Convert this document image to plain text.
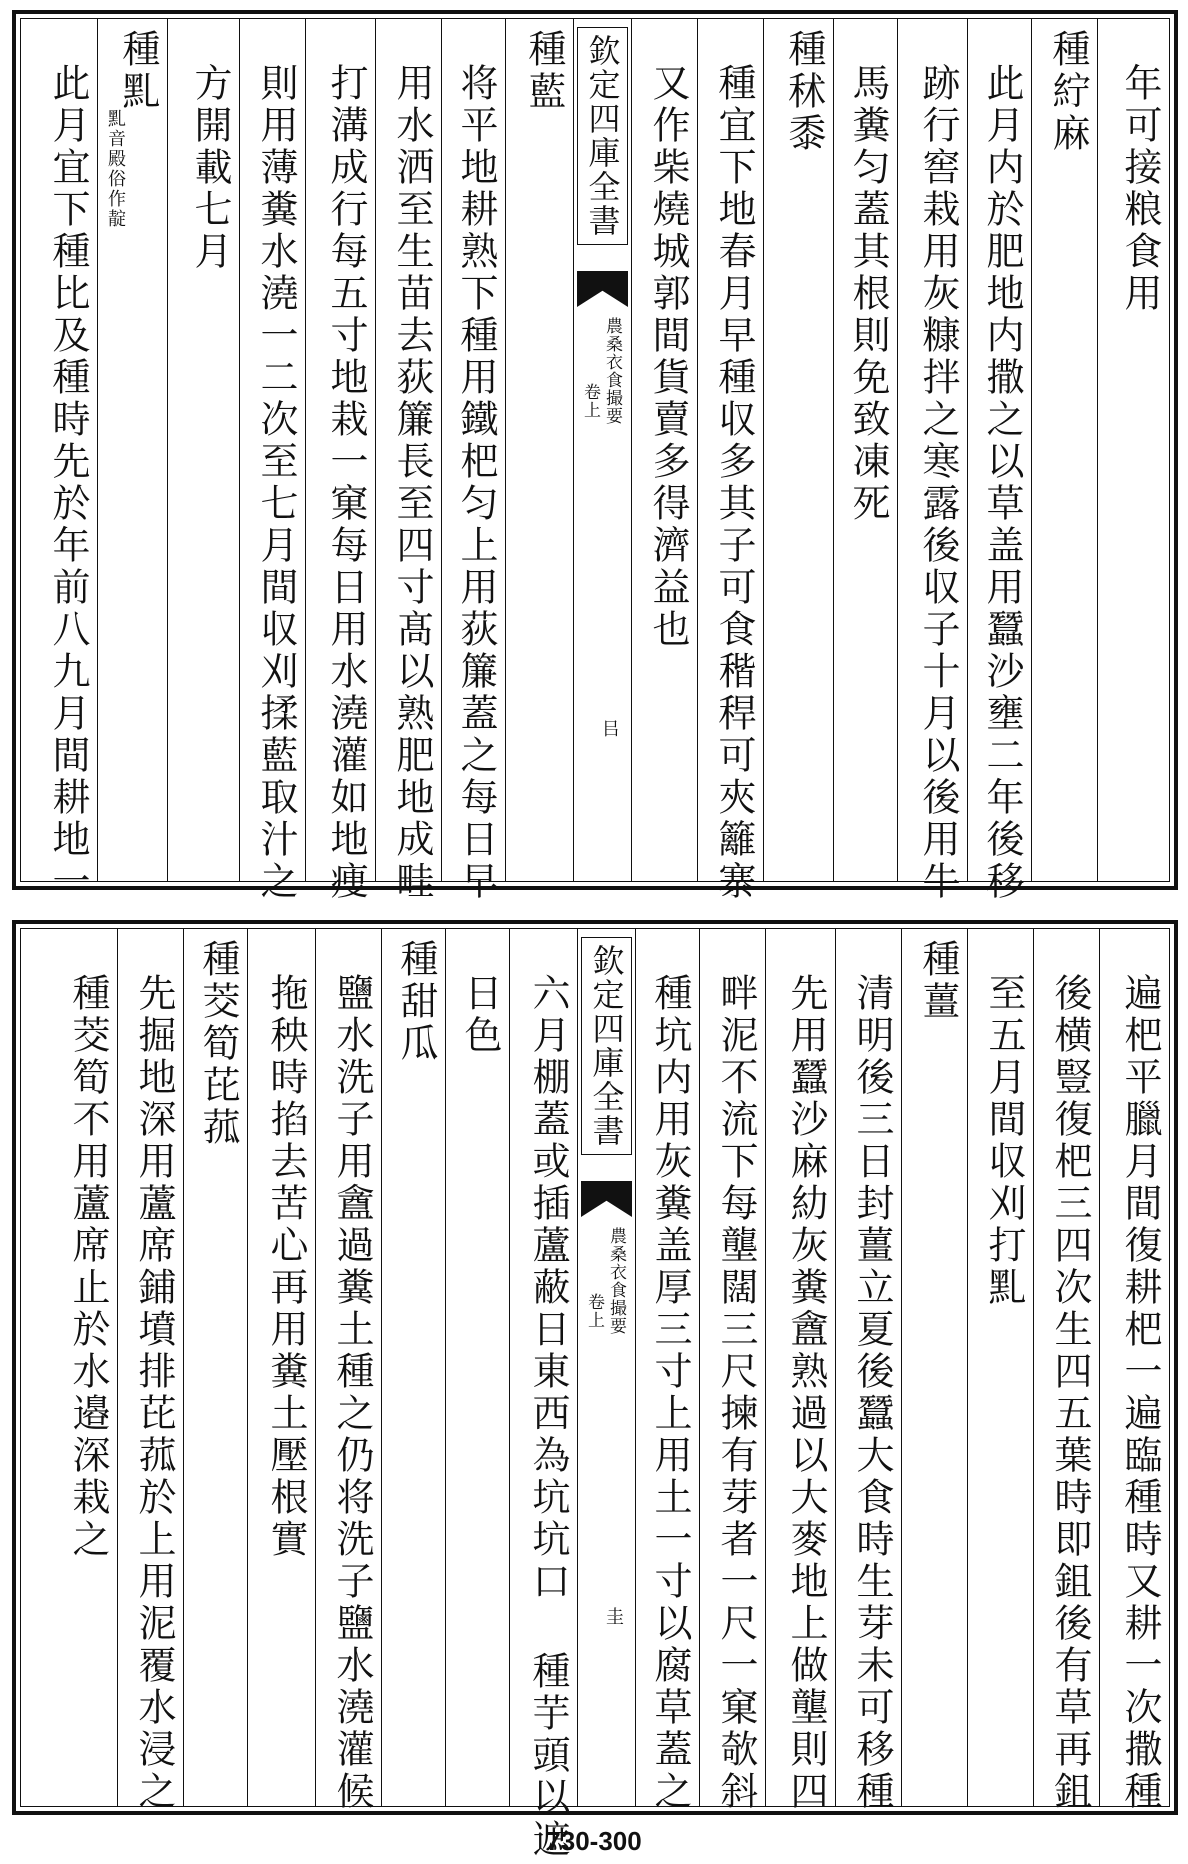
年可接粮食用
種紵麻
此月内於肥地内撒之以草盖用蠶沙壅二年後移
跡行窖栽用灰糠拌之寒露後収子十月以後用牛
馬糞匀蓋其根則免致凍死
種秫黍
種宜下地春月早種収多其子可食稭稈可夾籬寨
又作柴燒城郭間貨賣多得濟益也
欽定四庫全書
農桑衣食撮要
卷上
㠯
種藍
将平地耕熟下種用鐵杷匀上用荻簾蓋之每日早
用水洒至生苗去荻簾長至四寸髙以熟肥地成畦
打溝成行每五寸地栽一窠每日用水澆灌如地痩
則用薄糞水澆一二次至七月間収刈揉藍取汁之
方開載七月
種䵝
䵝音殿俗作靛
此月宜下種比及種時先於年前八九月間耕地一
遍杷平臘月間復耕杷一遍臨種時又耕一次撒種
後横豎復杷三四次生四五葉時即鉏後有草再鉏
至五月間収刈打䵝
種薑
清明後三日封薑立夏後蠶大食時生芽未可移種
先用蠶沙麻糼灰糞盦熟過以大麥地上做壟則四
畔泥不流下每壟闊三尺揀有芽者一尺一窠欹斜
種坑内用灰糞盖厚三寸上用土一寸以腐草蓋之
欽定四庫全書
農桑衣食撮要
卷上
圭
六月棚蓋或插蘆蔽日東西為坑坑口 種芋頭以遮
日色
種甜瓜
鹽水洗子用盦過糞土種之仍将洗子鹽水澆灌候
拖秧時掐去苦心再用糞土壓根實
種茭筍芘菰
先掘地深用蘆席鋪墳排芘菰於上用泥覆水浸之
種茭筍不用蘆席止於水邉深栽之
730-300
